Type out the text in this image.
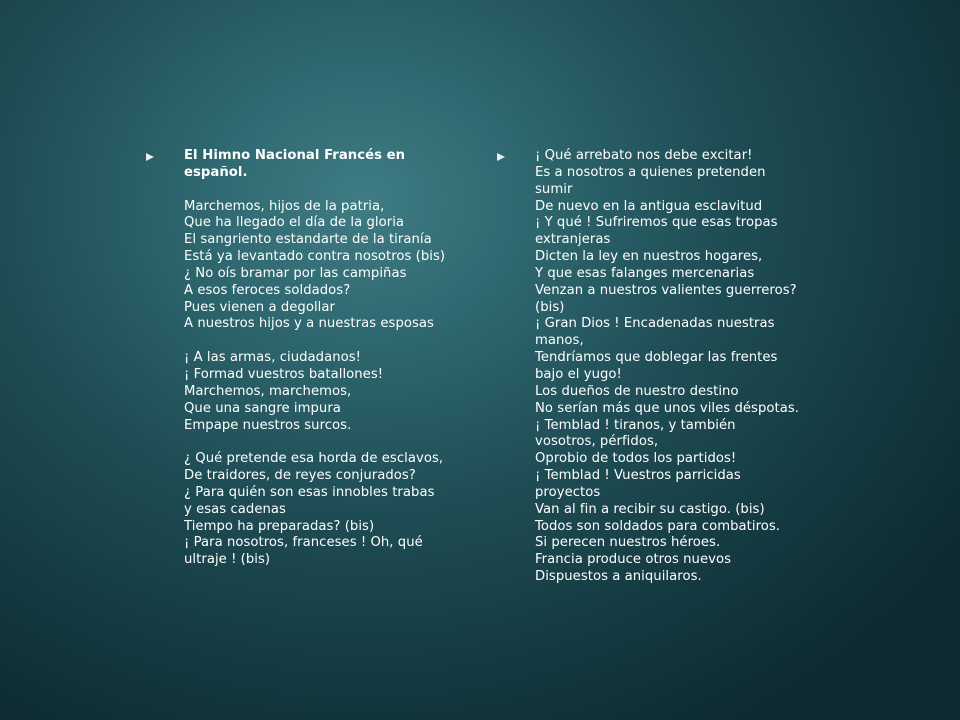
El Himno Nacional Francés en
español.
Marchemos, hijos de la patria,
Que ha llegado el día de la gloria
El sangriento estandarte de la tiranía
Está ya levantado contra nosotros (bis)
¿ No oís bramar por las campiñas
A esos feroces soldados?
Pues vienen a degollar
A nuestros hijos y a nuestras esposas
¡ A las armas, ciudadanos!
¡ Formad vuestros batallones!
Marchemos, marchemos,
Que una sangre impura
Empape nuestros surcos.
¿ Qué pretende esa horda de esclavos,
De traidores, de reyes conjurados?
¿ Para quién son esas innobles trabas
y esas cadenas
Tiempo ha preparadas? (bis)
¡ Para nosotros, franceses ! Oh, qué
ultraje ! (bis)
¡ Qué arrebato nos debe excitar!
Es a nosotros a quienes pretenden
sumir
De nuevo en la antigua esclavitud
¡ Y qué ! Sufriremos que esas tropas
extranjeras
Dicten la ley en nuestros hogares,
Y que esas falanges mercenarias
Venzan a nuestros valientes guerreros?
(bis)
¡ Gran Dios ! Encadenadas nuestras
manos,
Tendríamos que doblegar las frentes
bajo el yugo!
Los dueños de nuestro destino
No serían más que unos viles déspotas.
¡ Temblad ! tiranos, y también
vosotros, pérfidos,
Oprobio de todos los partidos!
¡ Temblad ! Vuestros parricidas
proyectos
Van al fin a recibir su castigo. (bis)
Todos son soldados para combatiros.
Si perecen nuestros héroes.
Francia produce otros nuevos
Dispuestos a aniquilaros.
